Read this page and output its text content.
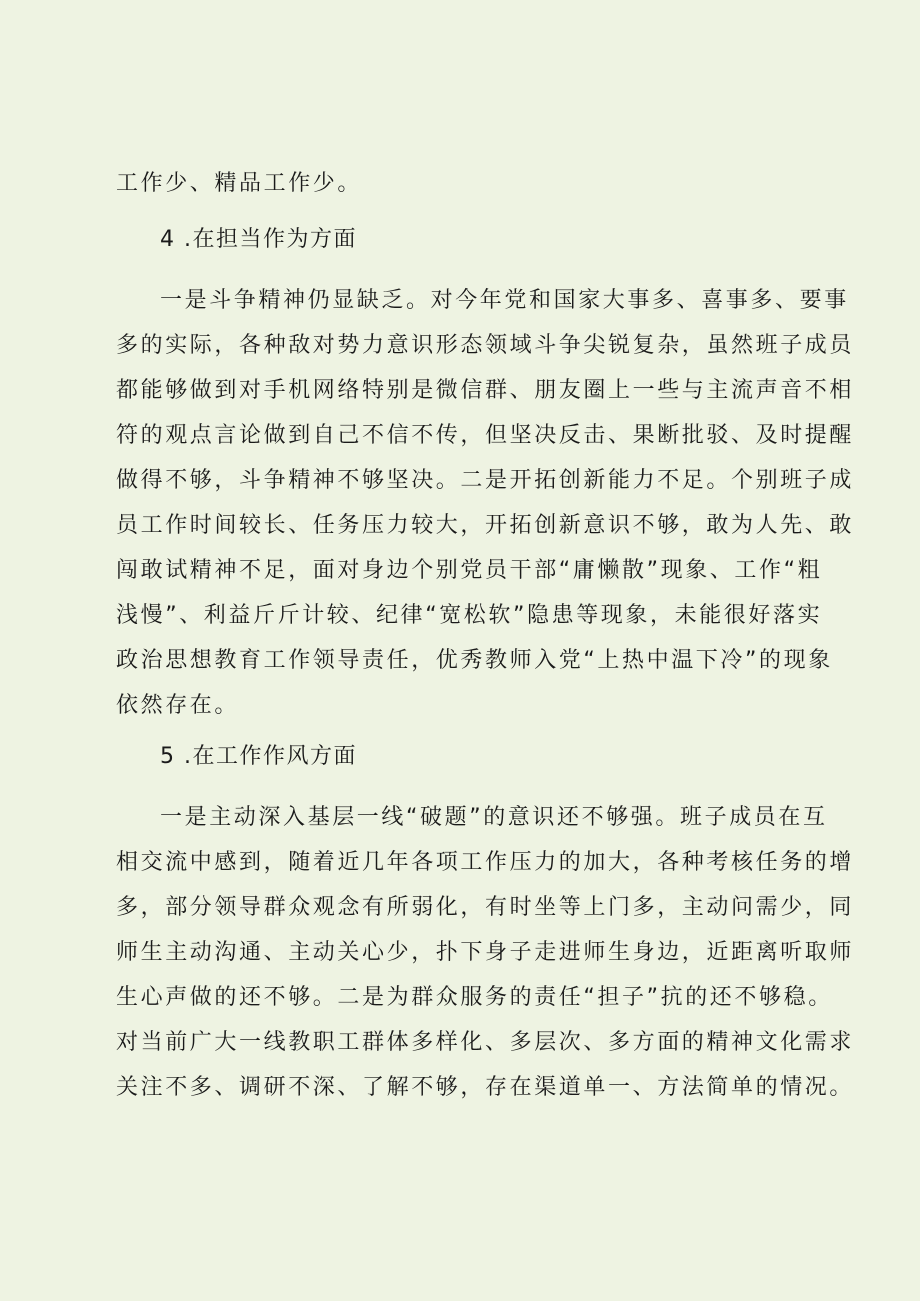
工作少、精品工作少。
4 .在担当作为方面
一是斗争精神仍显缺乏。对今年党和国家大事多、喜事多、要事
多的实际，各种敌对势力意识形态领域斗争尖锐复杂，虽然班子成员
都能够做到对手机网络特别是微信群、朋友圈上一些与主流声音不相
符的观点言论做到自己不信不传，但坚决反击、果断批驳、及时提醒
做得不够，斗争精神不够坚决。二是开拓创新能力不足。个别班子成
员工作时间较长、任务压力较大，开拓创新意识不够，敢为人先、敢
闯敢试精神不足，面对身边个别党员干部“庸懒散”现象、工作“粗
浅慢”、利益斤斤计较、纪律“宽松软”隐患等现象，未能很好落实
政治思想教育工作领导责任，优秀教师入党“上热中温下冷”的现象
依然存在。
5 .在工作作风方面
一是主动深入基层一线“破题”的意识还不够强。班子成员在互
相交流中感到，随着近几年各项工作压力的加大，各种考核任务的增
多，部分领导群众观念有所弱化，有时坐等上门多，主动问需少，同
师生主动沟通、主动关心少，扑下身子走进师生身边，近距离听取师
生心声做的还不够。二是为群众服务的责任“担子”抗的还不够稳。
对当前广大一线教职工群体多样化、多层次、多方面的精神文化需求
关注不多、调研不深、了解不够，存在渠道单一、方法简单的情况。
